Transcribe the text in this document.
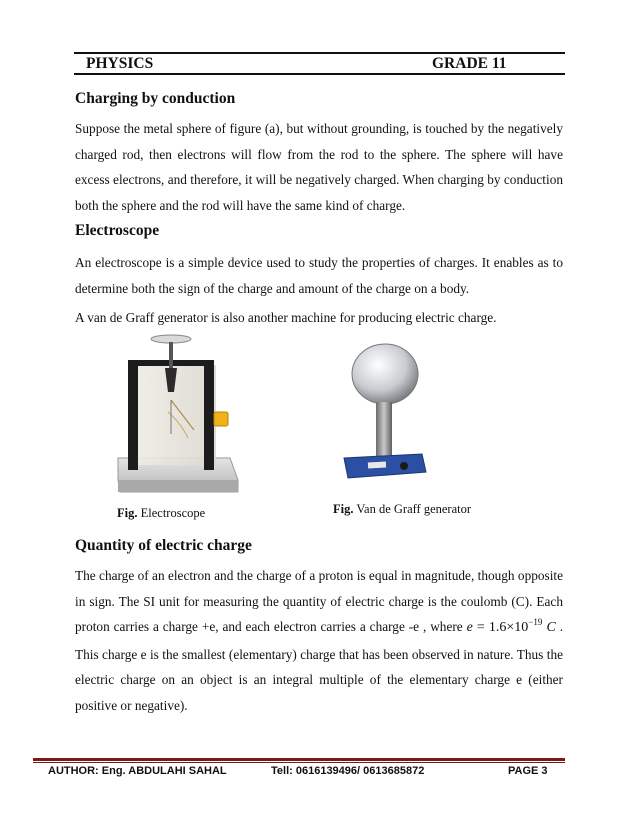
PHYSICS	GRADE 11
Charging by conduction

Suppose the metal sphere of figure (a), but without grounding, is touched by the negatively charged rod, then electrons will flow from the rod to the sphere. The sphere will have excess electrons, and therefore, it will be negatively charged. When charging by conduction both the sphere and the rod will have the same kind of charge.

Electroscope

An electroscope is a simple device used to study the properties of charges. It enables as to determine both the sign of the charge and amount of the charge on a body.

A van de Graff generator is also another machine for producing electric charge.

Fig. Electroscope	Fig. Van de Graff generator
Quantity of electric charge

The charge of an electron and the charge of a proton is equal in magnitude, though opposite in sign. The SI unit for measuring the quantity of electric charge is the coulomb (C). Each proton carries a charge +e, and each electron carries a charge -e , where $e = 1.6\times 10^{-19}$ C . This charge e is the smallest (elementary) charge that has been observed in nature. Thus the electric charge on an object is an integral multiple of the elementary charge e (either positive or negative).

AUTHOR: Eng. ABDULAHI SAHAL	Tell: 0616139496/ 0613685872	PAGE 3
